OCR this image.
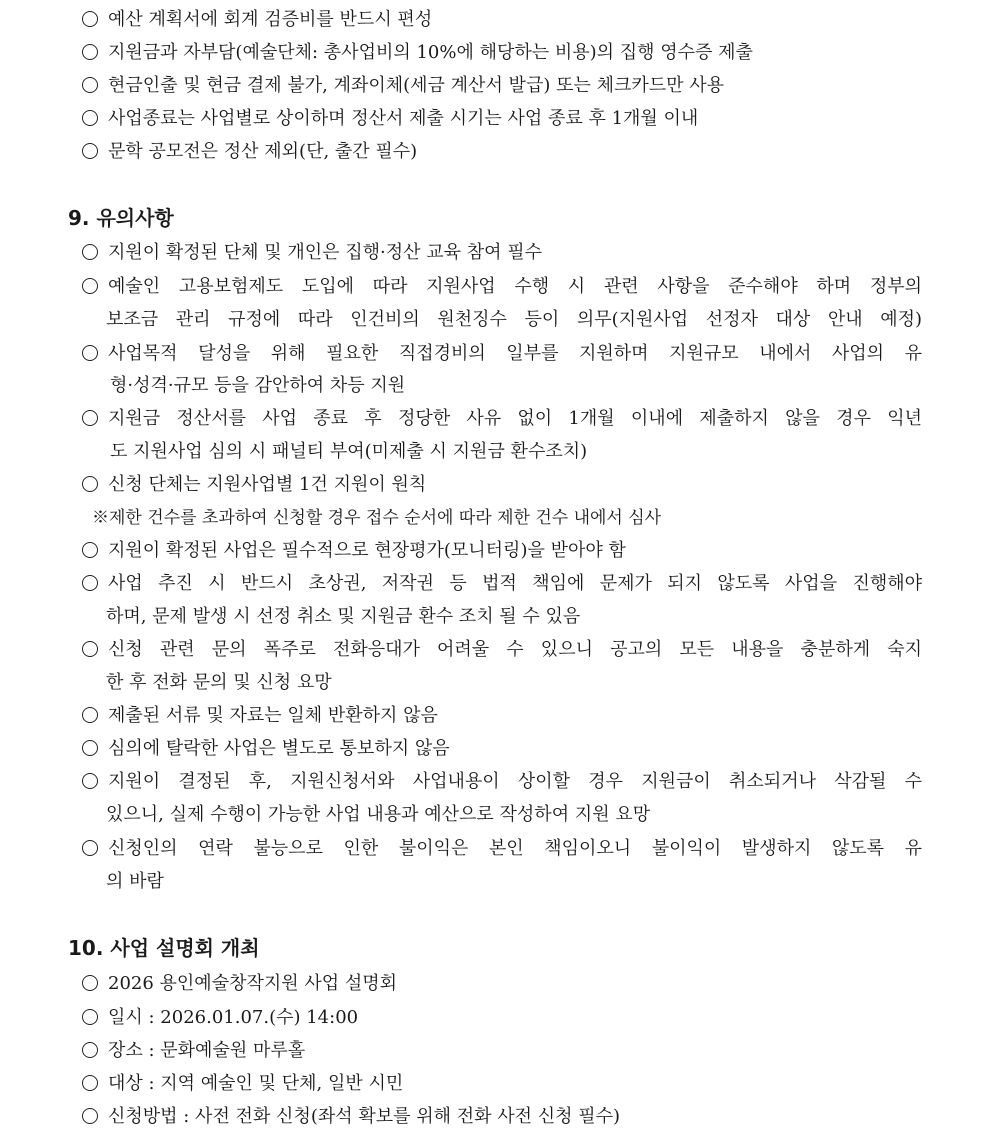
예산 계획서에 회계 검증비를 반드시 편성
지원금과 자부담(예술단체: 총사업비의 10%에 해당하는 비용)의 집행 영수증 제출
현금인출 및 현금 결제 불가, 계좌이체(세금 계산서 발급) 또는 체크카드만 사용
사업종료는 사업별로 상이하며 정산서 제출 시기는 사업 종료 후 1개월 이내
문학 공모전은 정산 제외(단, 출간 필수)
9. 유의사항
지원이 확정된 단체 및 개인은 집행·정산 교육 참여 필수
예술인 고용보험제도 도입에 따라 지원사업 수행 시 관련 사항을 준수해야 하며 정부의
보조금 관리 규정에 따라 인건비의 원천징수 등이 의무(지원사업 선정자 대상 안내 예정)
사업목적 달성을 위해 필요한 직접경비의 일부를 지원하며 지원규모 내에서 사업의 유
형·성격·규모 등을 감안하여 차등 지원
지원금 정산서를 사업 종료 후 정당한 사유 없이 1개월 이내에 제출하지 않을 경우 익년
도 지원사업 심의 시 패널티 부여(미제출 시 지원금 환수조치)
신청 단체는 지원사업별 1건 지원이 원칙
※제한 건수를 초과하여 신청할 경우 접수 순서에 따라 제한 건수 내에서 심사
지원이 확정된 사업은 필수적으로 현장평가(모니터링)을 받아야 함
사업 추진 시 반드시 초상권, 저작권 등 법적 책임에 문제가 되지 않도록 사업을 진행해야
하며, 문제 발생 시 선정 취소 및 지원금 환수 조치 될 수 있음
신청 관련 문의 폭주로 전화응대가 어려울 수 있으니 공고의 모든 내용을 충분하게 숙지
한 후 전화 문의 및 신청 요망
제출된 서류 및 자료는 일체 반환하지 않음
심의에 탈락한 사업은 별도로 통보하지 않음
지원이 결정된 후, 지원신청서와 사업내용이 상이할 경우 지원금이 취소되거나 삭감될 수
있으니, 실제 수행이 가능한 사업 내용과 예산으로 작성하여 지원 요망
신청인의 연락 불능으로 인한 불이익은 본인 책임이오니 불이익이 발생하지 않도록 유
의 바람
10. 사업 설명회 개최
2026 용인예술창작지원 사업 설명회
일시 : 2026.01.07.(수) 14:00
장소 : 문화예술원 마루홀
대상 : 지역 예술인 및 단체, 일반 시민
신청방법 : 사전 전화 신청(좌석 확보를 위해 전화 사전 신청 필수)
